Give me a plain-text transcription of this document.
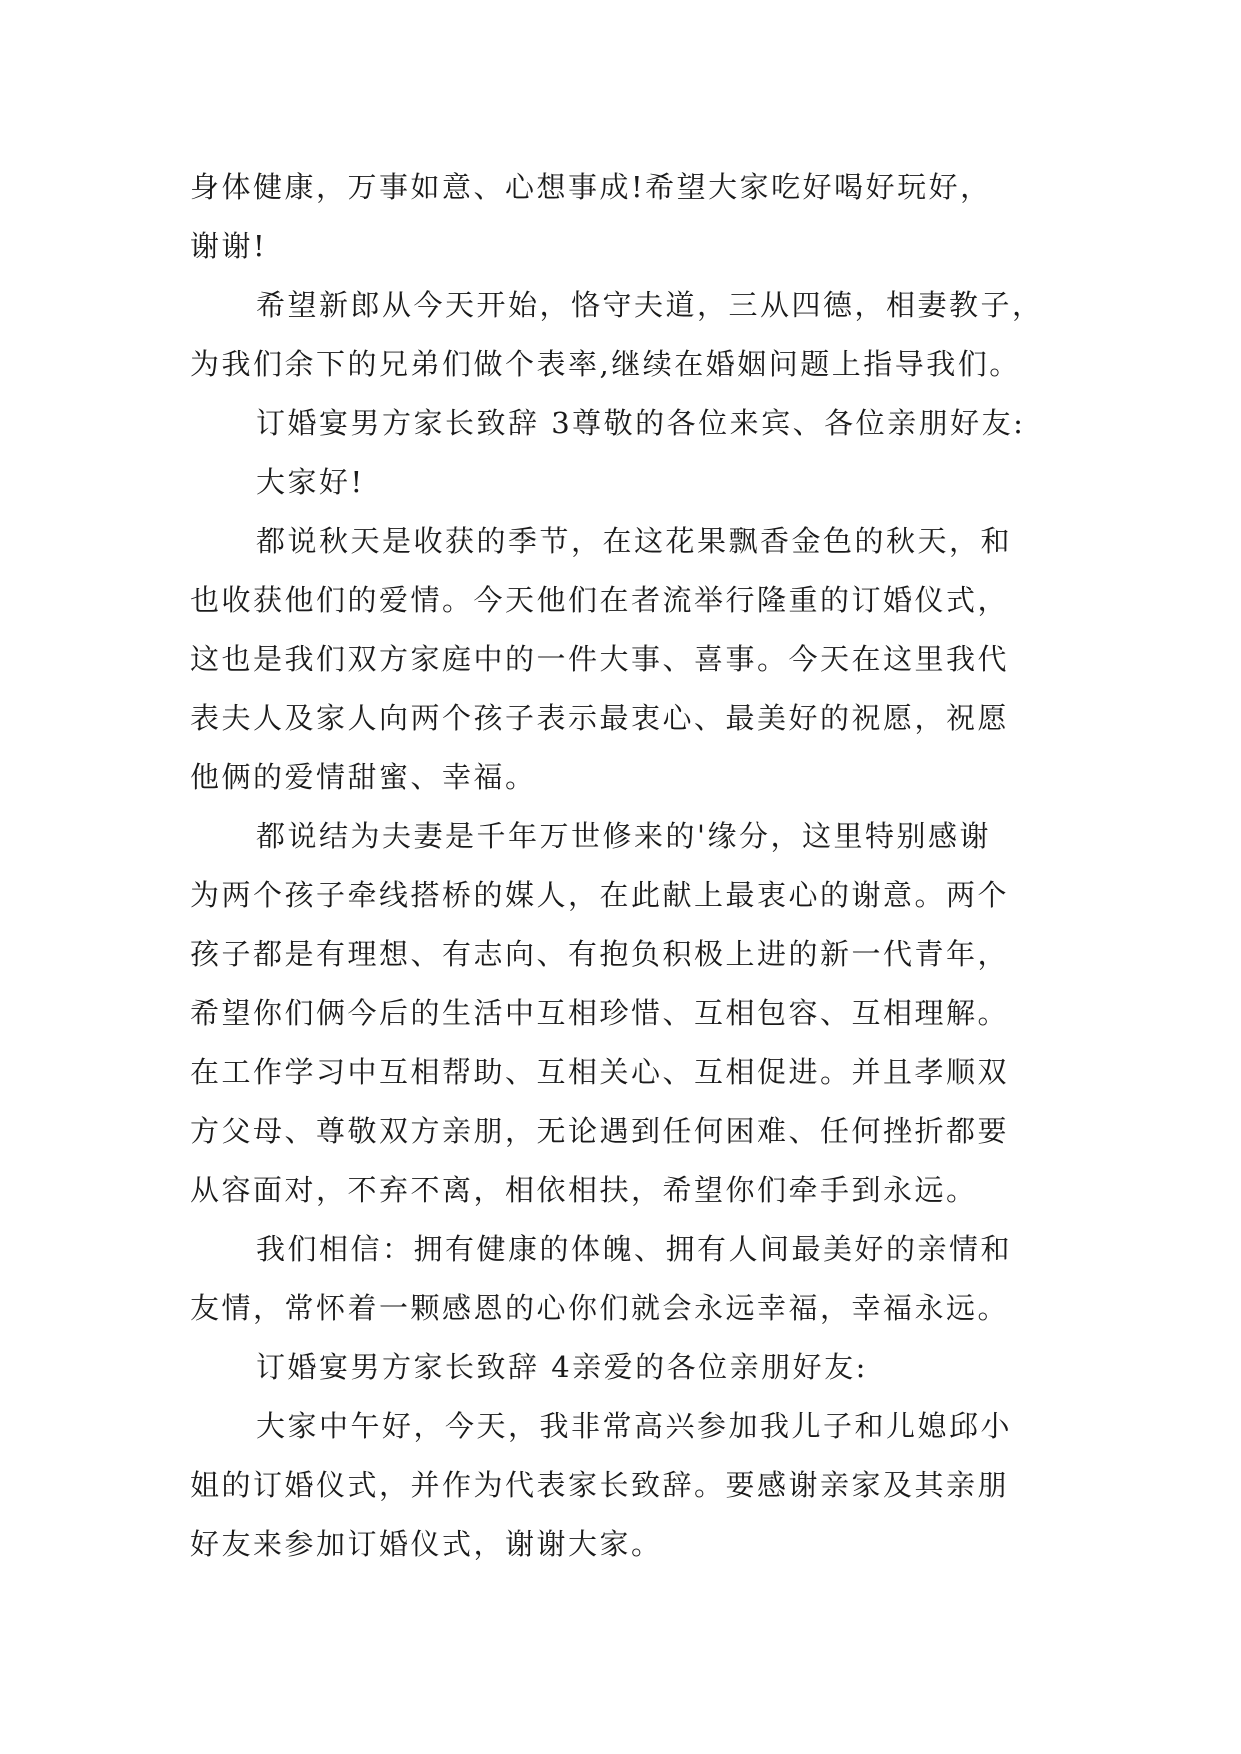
身体健康，万事如意、心想事成!希望大家吃好喝好玩好，
谢谢!
希望新郎从今天开始，恪守夫道，三从四德，相妻教子，
为我们余下的兄弟们做个表率,继续在婚姻问题上指导我们。
订婚宴男方家长致辞 3尊敬的各位来宾、各位亲朋好友:
大家好!
都说秋天是收获的季节，在这花果飘香金色的秋天，和
也收获他们的爱情。今天他们在者流举行隆重的订婚仪式，
这也是我们双方家庭中的一件大事、喜事。今天在这里我代
表夫人及家人向两个孩子表示最衷心、最美好的祝愿，祝愿
他俩的爱情甜蜜、幸福。
都说结为夫妻是千年万世修来的'缘分，这里特别感谢
为两个孩子牵线搭桥的媒人，在此献上最衷心的谢意。两个
孩子都是有理想、有志向、有抱负积极上进的新一代青年，
希望你们俩今后的生活中互相珍惜、互相包容、互相理解。
在工作学习中互相帮助、互相关心、互相促进。并且孝顺双
方父母、尊敬双方亲朋，无论遇到任何困难、任何挫折都要
从容面对，不弃不离，相依相扶，希望你们牵手到永远。
我们相信：拥有健康的体魄、拥有人间最美好的亲情和
友情，常怀着一颗感恩的心你们就会永远幸福，幸福永远。
订婚宴男方家长致辞 4亲爱的各位亲朋好友:
大家中午好，今天，我非常高兴参加我儿子和儿媳邱小
姐的订婚仪式，并作为代表家长致辞。要感谢亲家及其亲朋
好友来参加订婚仪式，谢谢大家。
